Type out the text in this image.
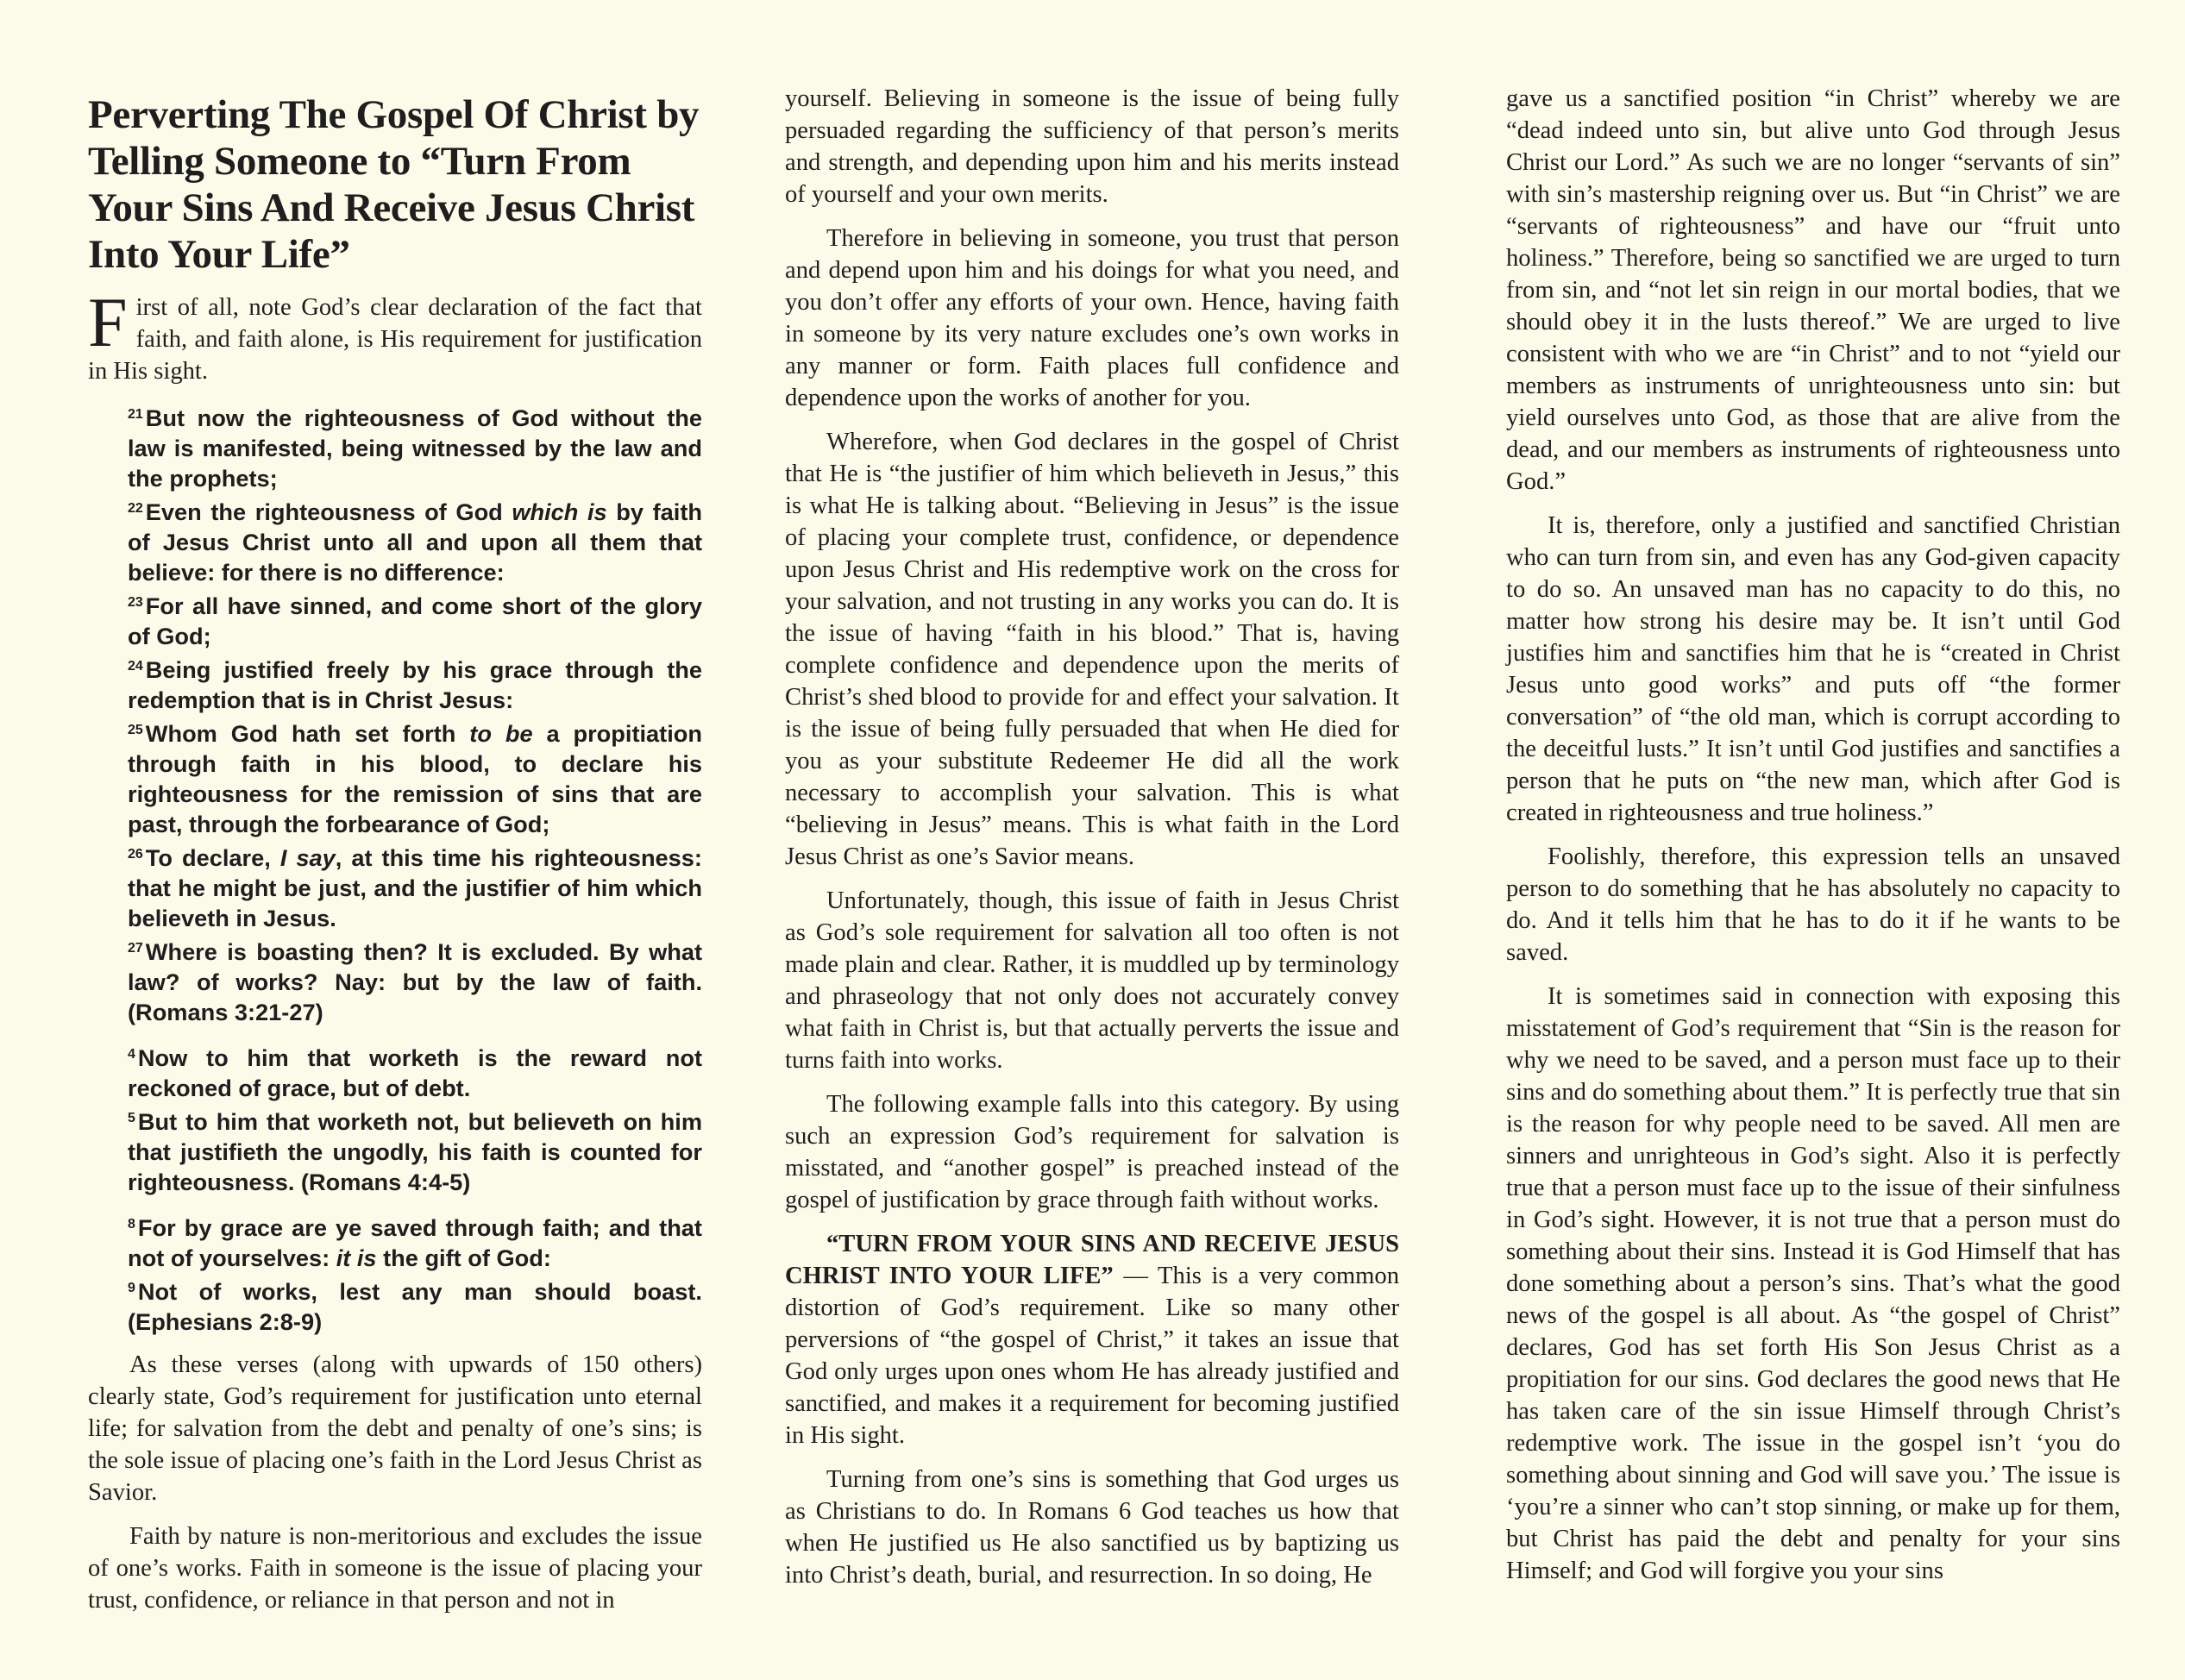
Perverting The Gospel Of Christ by Telling Someone to “Turn From Your Sins And Receive Jesus Christ Into Your Life”

First of all, note God’s clear declaration of the fact that faith, and faith alone, is His requirement for justification in His sight.

$^{21}$ But now the righteousness of God without the law is manifested, being witnessed by the law and the prophets;
$^{22}$ Even the righteousness of God which is by faith of Jesus Christ unto all and upon all them that believe: for there is no difference:
$^{23}$ For all have sinned, and come short of the glory of God;
$^{24}$ Being justified freely by his grace through the redemption that is in Christ Jesus:
$^{25}$ Whom God hath set forth to be a propitiation through faith in his blood, to declare his righteousness for the remission of sins that are past, through the forbearance of God;
$^{26}$ To declare, I say, at this time his righteousness: that he might be just, and the justifier of him which believeth in Jesus.
$^{27}$ Where is boasting then? It is excluded. By what law? of works? Nay: but by the law of faith. (Romans 3:21-27)
$^4$ Now to him that worketh is the reward not reckoned of grace, but of debt.
$^5$ But to him that worketh not, but believeth on him that justifieth the ungodly, his faith is counted for righteousness. (Romans 4:4-5)
$^8$ For by grace are ye saved through faith; and that not of yourselves: it is the gift of God:
$^9$ Not of works, lest any man should boast. (Ephesians 2:8-9)

As these verses (along with upwards of 150 others) clearly state, God’s requirement for justification unto eternal life; for salvation from the debt and penalty of one’s sins; is the sole issue of placing one’s faith in the Lord Jesus Christ as Savior.

Faith by nature is non-meritorious and excludes the issue of one’s works. Faith in someone is the issue of placing your trust, confidence, or reliance in that person and not in

yourself. Believing in someone is the issue of being fully persuaded regarding the sufficiency of that person’s merits and strength, and depending upon him and his merits instead of yourself and your own merits.

Therefore in believing in someone, you trust that person and depend upon him and his doings for what you need, and you don’t offer any efforts of your own. Hence, having faith in someone by its very nature excludes one’s own works in any manner or form. Faith places full confidence and dependence upon the works of another for you.

Wherefore, when God declares in the gospel of Christ that He is “the justifier of him which believeth in Jesus,” this is what He is talking about. “Believing in Jesus” is the issue of placing your complete trust, confidence, or dependence upon Jesus Christ and His redemptive work on the cross for your salvation, and not trusting in any works you can do. It is the issue of having “faith in his blood.” That is, having complete confidence and dependence upon the merits of Christ’s shed blood to provide for and effect your salvation. It is the issue of being fully persuaded that when He died for you as your substitute Redeemer He did all the work necessary to accomplish your salvation. This is what “believing in Jesus” means. This is what faith in the Lord Jesus Christ as one’s Savior means.

Unfortunately, though, this issue of faith in Jesus Christ as God’s sole requirement for salvation all too often is not made plain and clear. Rather, it is muddled up by terminology and phraseology that not only does not accurately convey what faith in Christ is, but that actually perverts the issue and turns faith into works.

The following example falls into this category. By using such an expression God’s requirement for salvation is misstated, and “another gospel” is preached instead of the gospel of justification by grace through faith without works.

“TURN FROM YOUR SINS AND RECEIVE JESUS CHRIST INTO YOUR LIFE” — This is a very common distortion of God’s requirement. Like so many other perversions of “the gospel of Christ,” it takes an issue that God only urges upon ones whom He has already justified and sanctified, and makes it a requirement for becoming justified in His sight.

Turning from one’s sins is something that God urges us as Christians to do. In Romans 6 God teaches us how that when He justified us He also sanctified us by baptizing us into Christ’s death, burial, and resurrection. In so doing, He

gave us a sanctified position “in Christ” whereby we are “dead indeed unto sin, but alive unto God through Jesus Christ our Lord.” As such we are no longer “servants of sin” with sin’s mastership reigning over us. But “in Christ” we are “servants of righteousness” and have our “fruit unto holiness.” Therefore, being so sanctified we are urged to turn from sin, and “not let sin reign in our mortal bodies, that we should obey it in the lusts thereof.” We are urged to live consistent with who we are “in Christ” and to not “yield our members as instruments of unrighteousness unto sin: but yield ourselves unto God, as those that are alive from the dead, and our members as instruments of righteousness unto God.”

It is, therefore, only a justified and sanctified Christian who can turn from sin, and even has any God-given capacity to do so. An unsaved man has no capacity to do this, no matter how strong his desire may be. It isn’t until God justifies him and sanctifies him that he is “created in Christ Jesus unto good works” and puts off “the former conversation” of “the old man, which is corrupt according to the deceitful lusts.” It isn’t until God justifies and sanctifies a person that he puts on “the new man, which after God is created in righteousness and true holiness.”

Foolishly, therefore, this expression tells an unsaved person to do something that he has absolutely no capacity to do. And it tells him that he has to do it if he wants to be saved.

It is sometimes said in connection with exposing this misstatement of God’s requirement that “Sin is the reason for why we need to be saved, and a person must face up to their sins and do something about them.” It is perfectly true that sin is the reason for why people need to be saved. All men are sinners and unrighteous in God’s sight. Also it is perfectly true that a person must face up to the issue of their sinfulness in God’s sight. However, it is not true that a person must do something about their sins. Instead it is God Himself that has done something about a person’s sins. That’s what the good news of the gospel is all about. As “the gospel of Christ” declares, God has set forth His Son Jesus Christ as a propitiation for our sins. God declares the good news that He has taken care of the sin issue Himself through Christ’s redemptive work. The issue in the gospel isn’t ‘you do something about sinning and God will save you.’ The issue is ‘you’re a sinner who can’t stop sinning, or make up for them, but Christ has paid the debt and penalty for your sins Himself; and God will forgive you your sins
